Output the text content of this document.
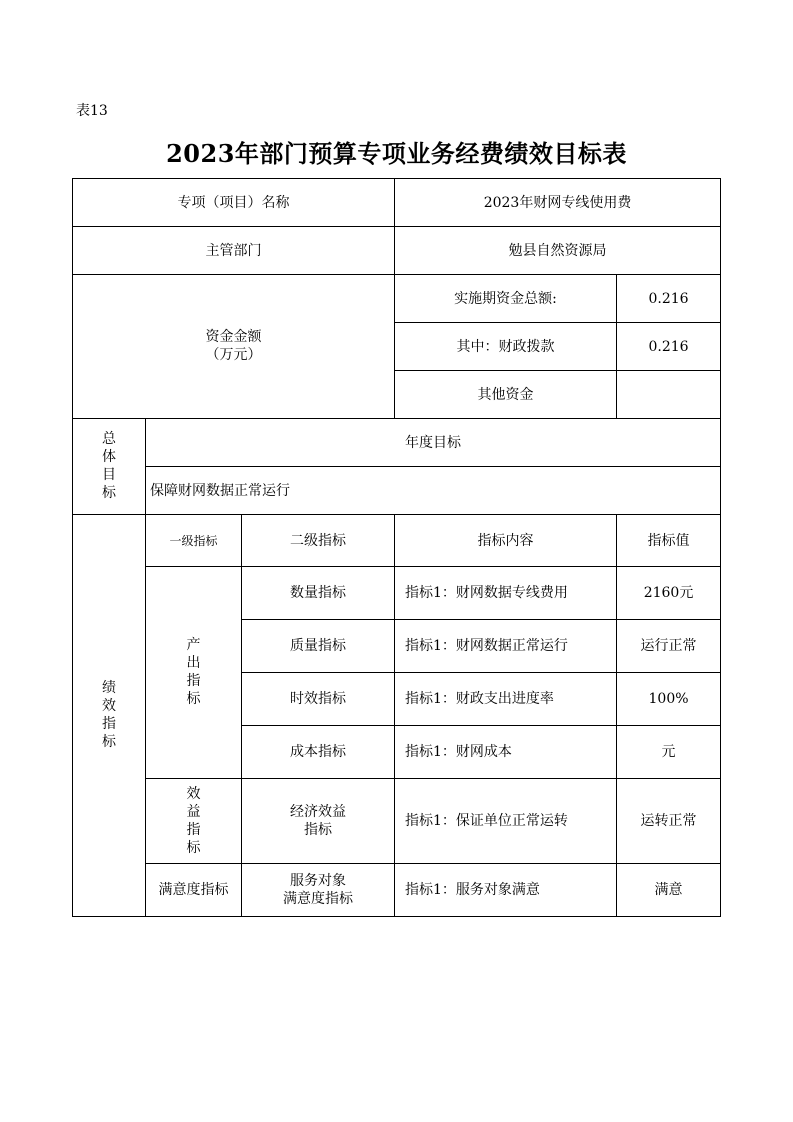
表13
2023年部门预算专项业务经费绩效目标表
专项（项目）名称			2023年财网专线使用费	
主管部门			勉县自然资源局	
资金金额
（万元）			实施期资金总额:	0.216
			其中：财政拨款	0.216
			其他资金	
总
体
目
标	年度目标			
	保障财网数据正常运行			
绩
效
指
标	一级指标	二级指标	指标内容	指标值
	产
出
指
标	数量指标	指标1：财网数据专线费用	2160元
		质量指标	指标1：财网数据正常运行	运行正常
		时效指标	指标1：财政支出进度率	100%
		成本指标	指标1：财网成本	元
	效
益
指
标	经济效益
指标	指标1：保证单位正常运转	运转正常
	满意度指标	服务对象
满意度指标	指标1：服务对象满意	满意
